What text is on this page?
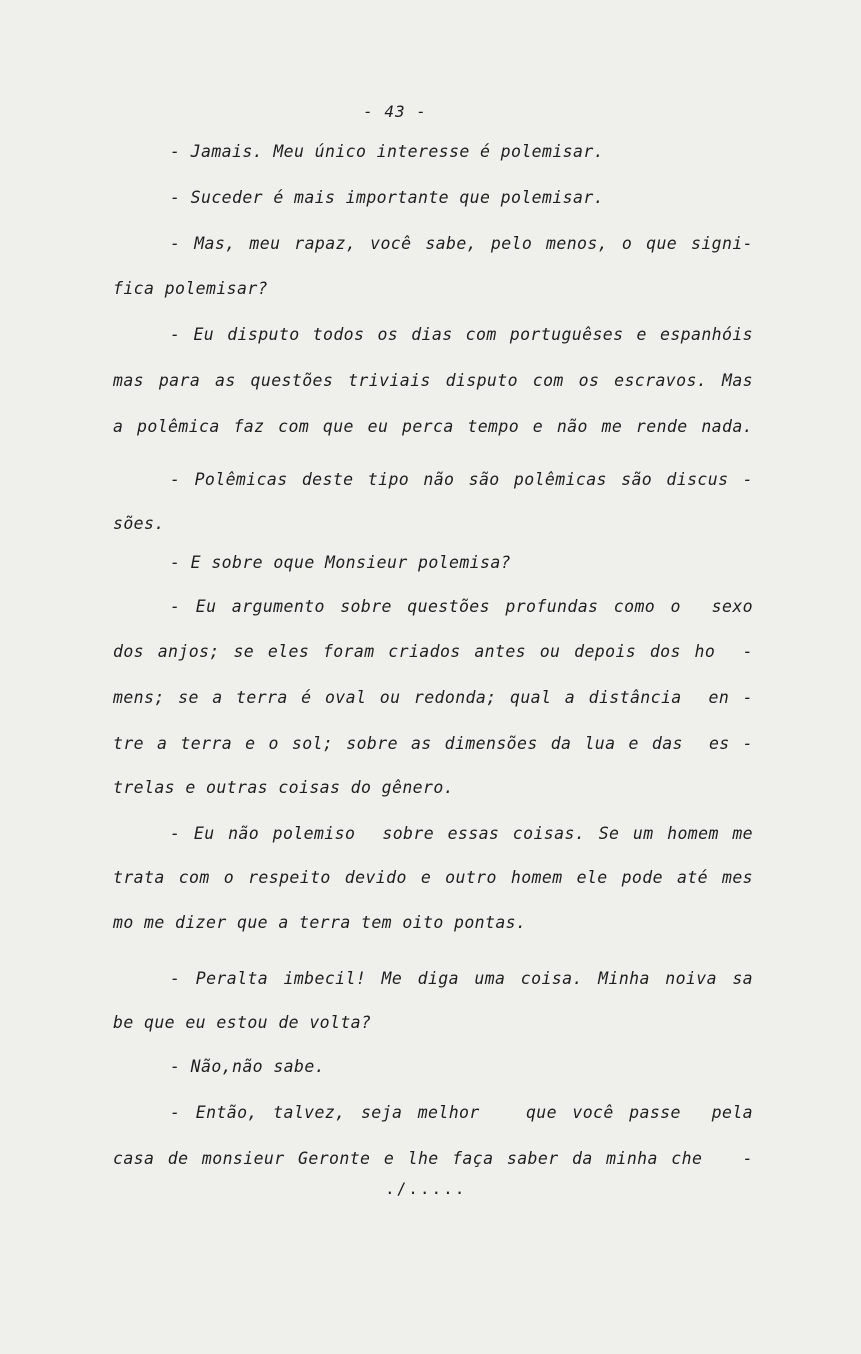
- 43 -
- Jamais. Meu único interesse é polemisar.
- Suceder é mais importante que polemisar.
- Mas, meu rapaz, você sabe, pelo menos, o que signi-
fica polemisar?
- Eu disputo todos os dias com portuguêses e espanhóis
mas para as questões triviais disputo com os escravos. Mas
a polêmica faz com que eu perca tempo e não me rende nada.
- Polêmicas deste tipo não são polêmicas são discus -
sões.
- E sobre oque Monsieur polemisa?
- Eu argumento sobre questões profundas como o  sexo
dos anjos; se eles foram criados antes ou depois dos ho  -
mens; se a terra é oval ou redonda; qual a distância  en -
tre a terra e o sol; sobre as dimensões da lua e das  es -
trelas e outras coisas do gênero.
- Eu não polemiso  sobre essas coisas. Se um homem me
trata com o respeito devido e outro homem ele pode até mes
mo me dizer que a terra tem oito pontas.
- Peralta imbecil! Me diga uma coisa. Minha noiva sa
be que eu estou de volta?
- Não,não sabe.
- Então, talvez, seja melhor   que você passe  pela
casa de monsieur Geronte e lhe faça saber da minha che   -
./.....
